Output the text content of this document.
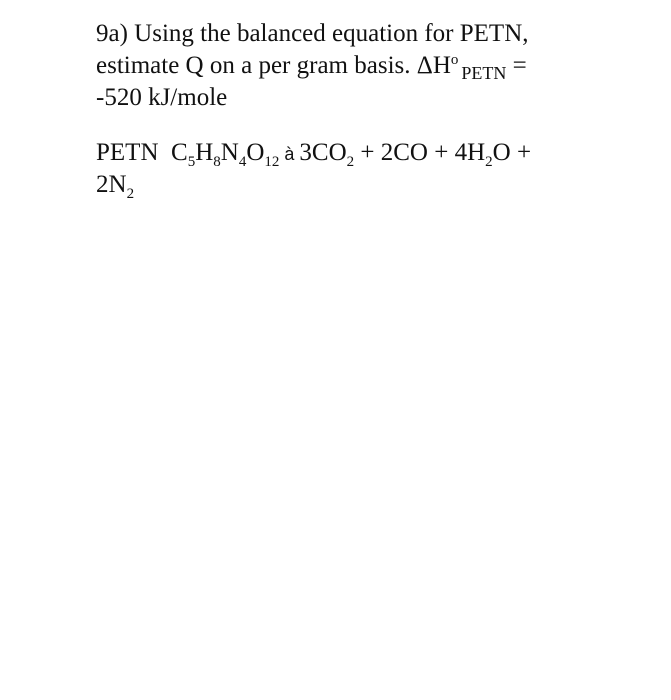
9a) Using the balanced equation for PETN,
estimate Q on a per gram basis. $\Delta H^o_{PETN}$ =
-520 kJ/mole
PETN  $C_5H_8N_4O_{12}$ à $3CO_2 + 2CO + 4H_2O$ +
$2N_2$
